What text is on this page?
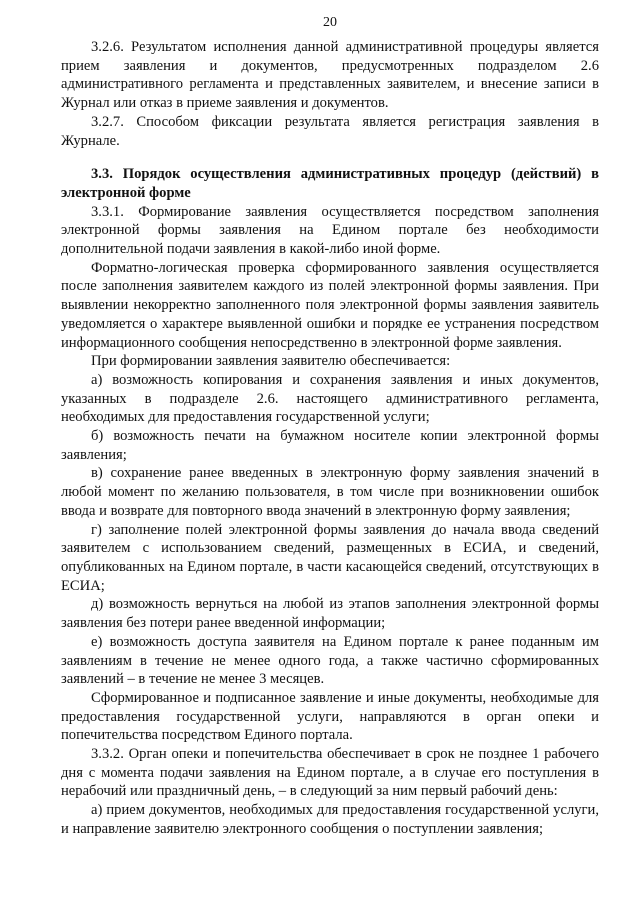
20

3.2.6. Результатом исполнения данной административной процедуры является прием заявления и документов, предусмотренных подразделом 2.6 административного регламента и представленных заявителем, и внесение записи в Журнал или отказ в приеме заявления и документов.

3.2.7. Способом фиксации результата является регистрация заявления в Журнале.

3.3. Порядок осуществления административных процедур (действий) в электронной форме

3.3.1. Формирование заявления осуществляется посредством заполнения электронной формы заявления на Едином портале без необходимости дополнительной подачи заявления в какой-либо иной форме.

Форматно-логическая проверка сформированного заявления осуществляется после заполнения заявителем каждого из полей электронной формы заявления. При выявлении некорректно заполненного поля электронной формы заявления заявитель уведомляется о характере выявленной ошибки и порядке ее устранения посредством информационного сообщения непосредственно в электронной форме заявления.

При формировании заявления заявителю обеспечивается:

а) возможность копирования и сохранения заявления и иных документов, указанных в подразделе 2.6. настоящего административного регламента, необходимых для предоставления государственной услуги;

б) возможность печати на бумажном носителе копии электронной формы заявления;

в) сохранение ранее введенных в электронную форму заявления значений в любой момент по желанию пользователя, в том числе при возникновении ошибок ввода и возврате для повторного ввода значений в электронную форму заявления;

г) заполнение полей электронной формы заявления до начала ввода сведений заявителем с использованием сведений, размещенных в ЕСИА, и сведений, опубликованных на Едином портале, в части касающейся сведений, отсутствующих в ЕСИА;

д) возможность вернуться на любой из этапов заполнения электронной формы заявления без потери ранее введенной информации;

е) возможность доступа заявителя на Едином портале к ранее поданным им заявлениям в течение не менее одного года, а также частично сформированных заявлений – в течение не менее 3 месяцев.

Сформированное и подписанное заявление и иные документы, необходимые для предоставления государственной услуги, направляются в орган опеки и попечительства посредством Единого портала.

3.3.2. Орган опеки и попечительства обеспечивает в срок не позднее 1 рабочего дня с момента подачи заявления на Едином портале, а в случае его поступления в нерабочий или праздничный день, – в следующий за ним первый рабочий день:

а) прием документов, необходимых для предоставления государственной услуги, и направление заявителю электронного сообщения о поступлении заявления;
